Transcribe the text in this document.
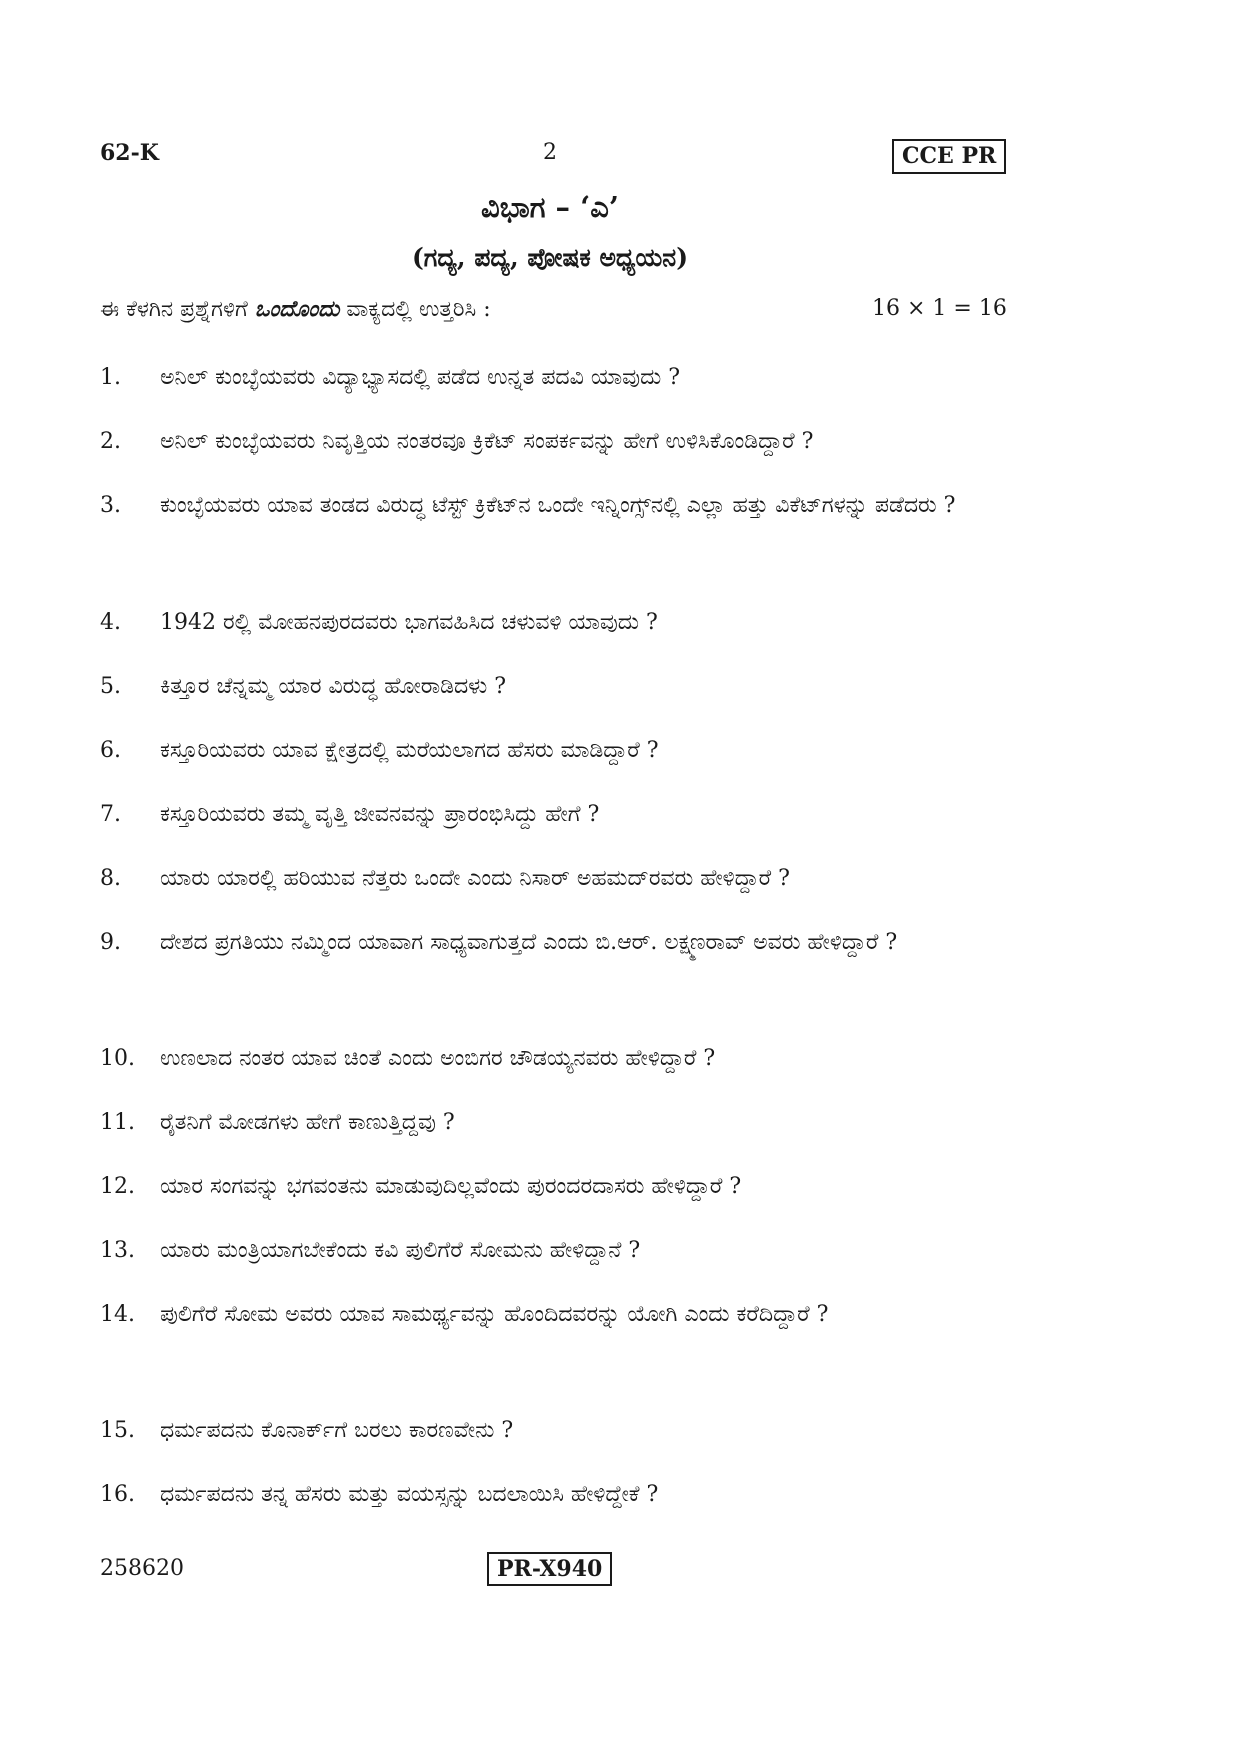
62-K	2	CCE PR
ವಿಭಾಗ – ‘ಎ’
(ಗದ್ಯ, ಪದ್ಯ, ಪೋಷಕ ಅಧ್ಯಯನ)
ಈ ಕೆಳಗಿನ ಪ್ರಶ್ನೆಗಳಿಗೆ ಒಂದೊಂದು ವಾಕ್ಯದಲ್ಲಿ ಉತ್ತರಿಸಿ :	16 × 1 = 16
1. ಅನಿಲ್ ಕುಂಬ್ಳೆಯವರು ವಿದ್ಯಾಭ್ಯಾಸದಲ್ಲಿ ಪಡೆದ ಉನ್ನತ ಪದವಿ ಯಾವುದು ?
2. ಅನಿಲ್ ಕುಂಬ್ಳೆಯವರು ನಿವೃತ್ತಿಯ ನಂತರವೂ ಕ್ರಿಕೆಟ್ ಸಂಪರ್ಕವನ್ನು ಹೇಗೆ ಉಳಿಸಿಕೊಂಡಿದ್ದಾರೆ ?
3. ಕುಂಬ್ಳೆಯವರು ಯಾವ ತಂಡದ ವಿರುದ್ಧ ಟೆಸ್ಟ್ ಕ್ರಿಕೆಟ್‌ನ ಒಂದೇ ಇನ್ನಿಂಗ್ಸ್‌ನಲ್ಲಿ ಎಲ್ಲಾ ಹತ್ತು ವಿಕೆಟ್‌ಗಳನ್ನು ಪಡೆದರು ?
4. 1942 ರಲ್ಲಿ ಮೋಹನಪುರದವರು ಭಾಗವಹಿಸಿದ ಚಳುವಳಿ ಯಾವುದು ?
5. ಕಿತ್ತೂರ ಚೆನ್ನಮ್ಮ ಯಾರ ವಿರುದ್ಧ ಹೋರಾಡಿದಳು ?
6. ಕಸ್ತೂರಿಯವರು ಯಾವ ಕ್ಷೇತ್ರದಲ್ಲಿ ಮರೆಯಲಾಗದ ಹೆಸರು ಮಾಡಿದ್ದಾರೆ ?
7. ಕಸ್ತೂರಿಯವರು ತಮ್ಮ ವೃತ್ತಿ ಜೀವನವನ್ನು ಪ್ರಾರಂಭಿಸಿದ್ದು ಹೇಗೆ ?
8. ಯಾರು ಯಾರಲ್ಲಿ ಹರಿಯುವ ನೆತ್ತರು ಒಂದೇ ಎಂದು ನಿಸಾರ್ ಅಹಮದ್‌ರವರು ಹೇಳಿದ್ದಾರೆ ?
9. ದೇಶದ ಪ್ರಗತಿಯು ನಮ್ಮಿಂದ ಯಾವಾಗ ಸಾಧ್ಯವಾಗುತ್ತದೆ ಎಂದು ಬಿ.ಆರ್. ಲಕ್ಷ್ಮಣರಾವ್ ಅವರು ಹೇಳಿದ್ದಾರೆ ?
10. ಉಣಲಾದ ನಂತರ ಯಾವ ಚಿಂತೆ ಎಂದು ಅಂಬಿಗರ ಚೌಡಯ್ಯನವರು ಹೇಳಿದ್ದಾರೆ ?
11. ರೈತನಿಗೆ ಮೋಡಗಳು ಹೇಗೆ ಕಾಣುತ್ತಿದ್ದವು ?
12. ಯಾರ ಸಂಗವನ್ನು ಭಗವಂತನು ಮಾಡುವುದಿಲ್ಲವೆಂದು ಪುರಂದರದಾಸರು ಹೇಳಿದ್ದಾರೆ ?
13. ಯಾರು ಮಂತ್ರಿಯಾಗಬೇಕೆಂದು ಕವಿ ಪುಲಿಗೆರೆ ಸೋಮನು ಹೇಳಿದ್ದಾನೆ ?
14. ಪುಲಿಗೆರೆ ಸೋಮ ಅವರು ಯಾವ ಸಾಮರ್ಥ್ಯವನ್ನು ಹೊಂದಿದವರನ್ನು ಯೋಗಿ ಎಂದು ಕರೆದಿದ್ದಾರೆ ?
15. ಧರ್ಮಪದನು ಕೊನಾರ್ಕ್‌ಗೆ ಬರಲು ಕಾರಣವೇನು ?
16. ಧರ್ಮಪದನು ತನ್ನ ಹೆಸರು ಮತ್ತು ವಯಸ್ಸನ್ನು ಬದಲಾಯಿಸಿ ಹೇಳಿದ್ದೇಕೆ ?
258620	PR-X940
